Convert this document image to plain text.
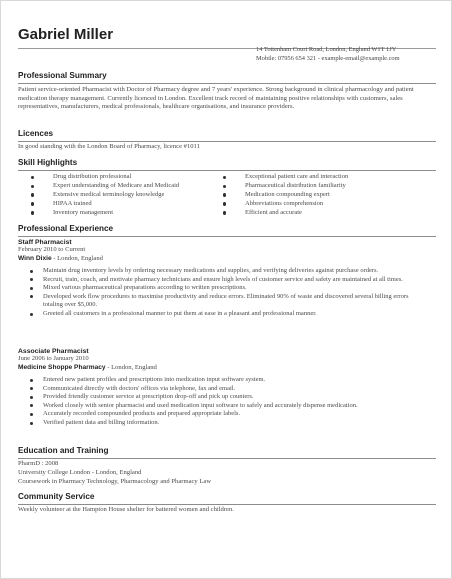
Gabriel Miller
14 Tottenham Court Road, London, England W1T 1JY
Mobile: 07956 654 321 - example-email@example.com
Professional Summary
Patient service-oriented Pharmacist with Doctor of Pharmacy degree and 7 years' experience. Strong background in clinical pharmacology and patient medication therapy management. Currently licenced in London. Excellent track record of maintaining positive relationships with customers, sales representatives, manufacturers, medical professionals, healthcare organisations, and insurance providers.
Licences
In good standing with the London Board of Pharmacy, licence #1011
Skill Highlights
Drug distribution professional
Expert understanding of Medicare and Medicaid
Extensive medical terminology knowledge
HIPAA trained
Inventory management
Exceptional patient care and interaction
Pharmaceutical distribution familiarity
Medication compounding expert
Abbreviations comprehension
Efficient and accurate
Professional Experience
Staff Pharmacist
February 2010 to Current
Winn Dixie - London, England
Maintain drug inventory levels by ordering necessary medications and supplies, and verifying deliveries against purchase orders.
Recruit, train, coach, and motivate pharmacy technicians and ensure high levels of customer service and safety are maintained at all times.
Mixed various pharmaceutical preparations according to written prescriptions.
Developed work flow procedures to maximise productivity and reduce errors. Eliminated 90% of waste and discovered several billing errors totaling over $5,000.
Greeted all customers in a professional manner to put them at ease in a pleasant and professional manner.
Associate Pharmacist
June 2006 to January 2010
Medicine Shoppe Pharmacy - London, England
Entered new patient profiles and prescriptions into medication input software system.
Communicated directly with doctors' offices via telephone, fax and email.
Provided friendly customer service at prescription drop-off and pick up counters.
Worked closely with senior pharmacist and used medication input software to safely and accurately dispense medication.
Accurately recorded compounded products and prepared appropriate labels.
Verified patient data and billing information.
Education and Training
PharmD : 2008
University College London - London, England
Coursework in Pharmacy Technology, Pharmacology and Pharmacy Law
Community Service
Weekly volunteer at the Hampton House shelter for battered women and children.
